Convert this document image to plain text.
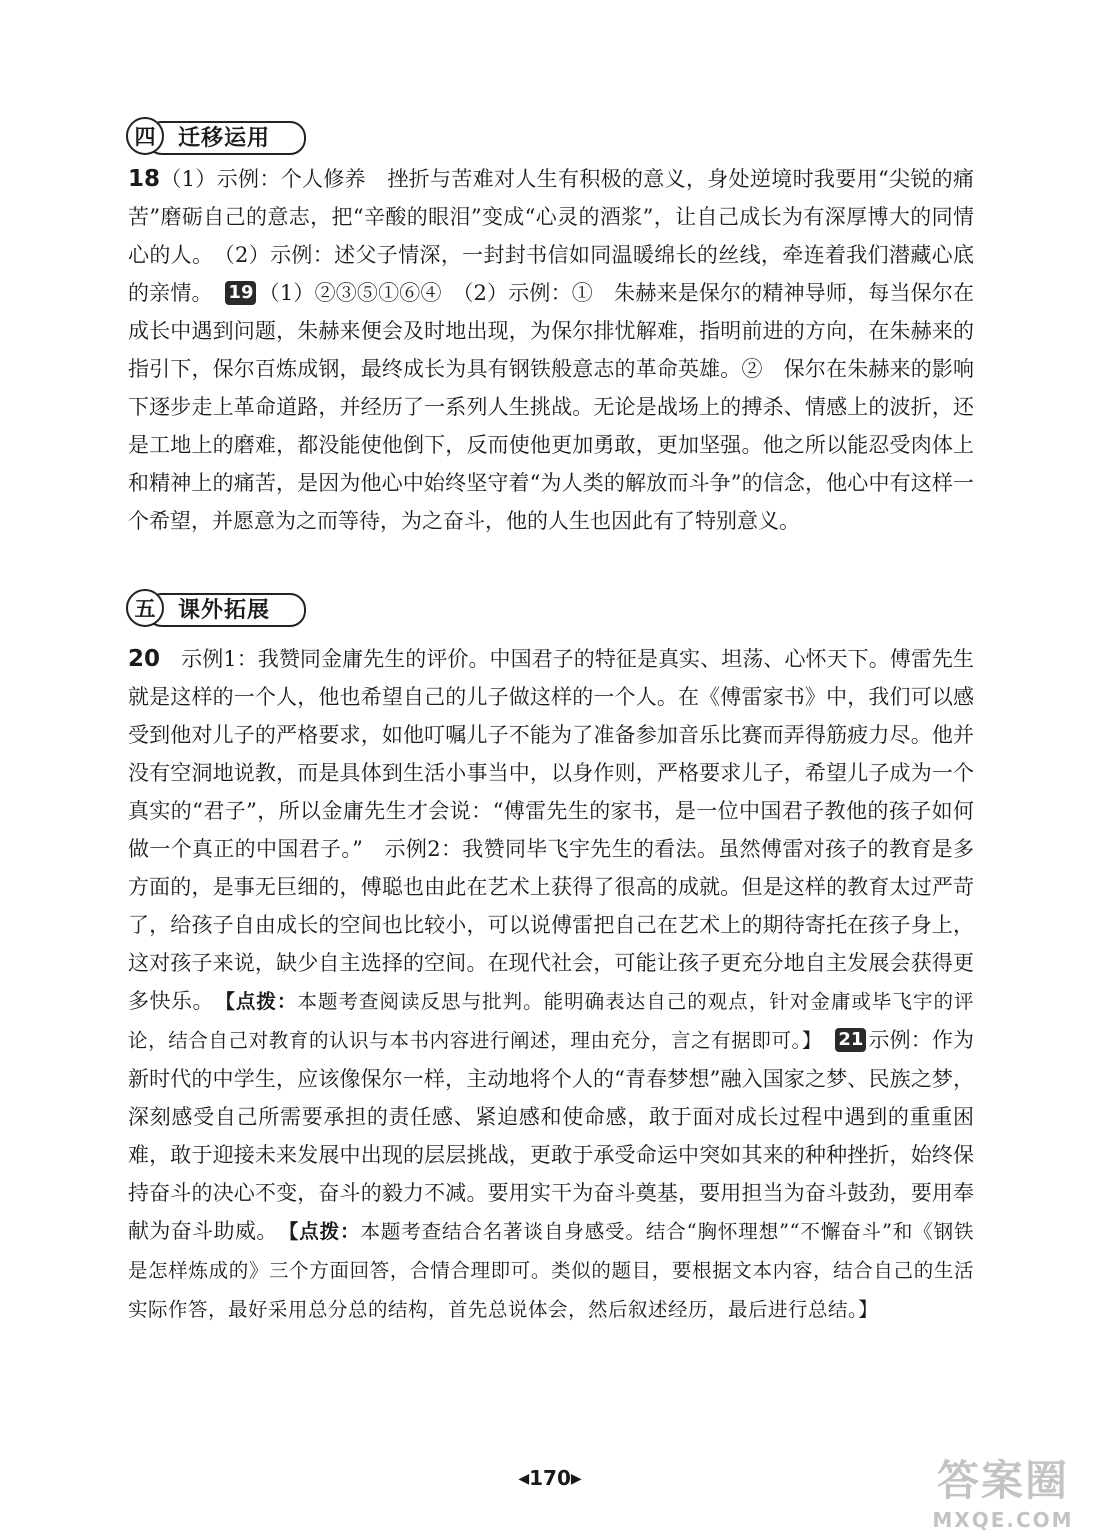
四	迁移运用

18（1）示例：个人修养　挫折与苦难对人生有积极的意义，身处逆境时我要用“尖锐的痛苦”磨砺自己的意志，把“辛酸的眼泪”变成“心灵的酒浆”，让自己成长为有深厚博大的同情心的人。　（2）示例：述父子情深，一封封书信如同温暖绵长的丝线，牵连着我们潜藏心底的亲情。　 19 （1）②③⑤①⑥④　（2）示例：①　朱赫来是保尔的精神导师，每当保尔在成长中遇到问题，朱赫来便会及时地出现，为保尔排忧解难，指明前进的方向，在朱赫来的指引下，保尔百炼成钢，最终成长为具有钢铁般意志的革命英雄。②　保尔在朱赫来的影响下逐步走上革命道路，并经历了一系列人生挑战。无论是战场上的搏杀、情感上的波折，还是工地上的磨难，都没能使他倒下，反而使他更加勇敢，更加坚强。他之所以能忍受肉体上和精神上的痛苦，是因为他心中始终坚守着“为人类的解放而斗争”的信念，他心中有这样一个希望，并愿意为之而等待，为之奋斗，他的人生也因此有了特别意义。

五	课外拓展

20　 示例1：我赞同金庸先生的评价。中国君子的特征是真实、坦荡、心怀天下。傅雷先生就是这样的一个人，他也希望自己的儿子做这样的一个人。在《傅雷家书》中，我们可以感受到他对儿子的严格要求，如他叮嘱儿子不能为了准备参加音乐比赛而弄得筋疲力尽。他并没有空洞地说教，而是具体到生活小事当中，以身作则，严格要求儿子，希望儿子成为一个真实的“君子”，所以金庸先生才会说：“傅雷先生的家书，是一位中国君子教他的孩子如何做一个真正的中国君子。”　示例2：我赞同毕飞宇先生的看法。虽然傅雷对孩子的教育是多方面的，是事无巨细的，傅聪也由此在艺术上获得了很高的成就。但是这样的教育太过严苛了，给孩子自由成长的空间也比较小，可以说傅雷把自己在艺术上的期待寄托在孩子身上，这对孩子来说，缺少自主选择的空间。在现代社会，可能让孩子更充分地自主发展会获得更多快乐。　 【点拨：本题考查阅读反思与批判。能明确表达自己的观点，针对金庸或毕飞宇的评论，结合自己对教育的认识与本书内容进行阐述，理由充分，言之有据即可。】　 21 示例：作为新时代的中学生，应该像保尔一样，主动地将个人的“青春梦想”融入国家之梦、民族之梦，深刻感受自己所需要承担的责任感、紧迫感和使命感，敢于面对成长过程中遇到的重重困难，敢于迎接未来发展中出现的层层挑战，更敢于承受命运中突如其来的种种挫折，始终保持奋斗的决心不变，奋斗的毅力不减。要用实干为奋斗奠基，要用担当为奋斗鼓劲，要用奉献为奋斗助威。　 【点拨：本题考查结合名著谈自身感受。结合“胸怀理想”“不懈奋斗”和《钢铁是怎样炼成的》三个方面回答，合情合理即可。类似的题目，要根据文本内容，结合自己的生活实际作答，最好采用总分总的结构，首先总说体会，然后叙述经历，最后进行总结。】

◀170▶	答案圈
MXQE.COM
